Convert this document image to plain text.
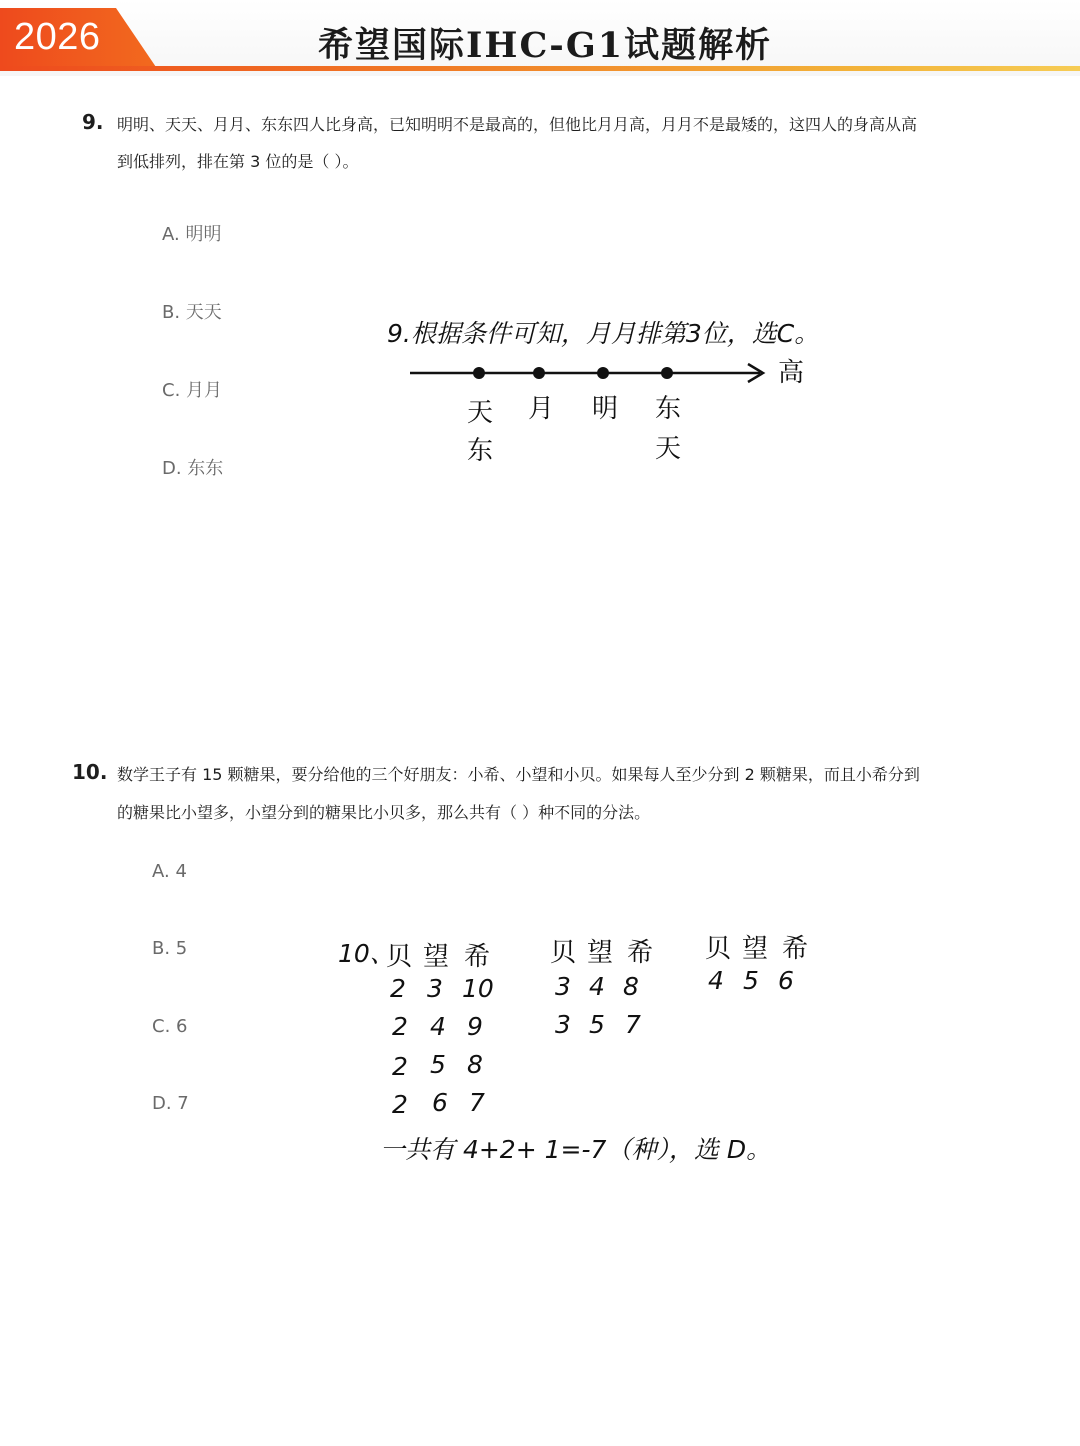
2026	希望国际IHC-G1试题解析
9. 明明、天天、月月、东东四人比身高，已知明明不是最高的，但他比月月高，月月不是最矮的，这四人的身高从高
到低排列，排在第 3 位的是（ ）。
A. 明明
B. 天天
C. 月月
D. 东东
9.根据条件可知，月月排第3位，选C。
高
天
东
月 明 东
天
10. 数学王子有 15 颗糖果，要分给他的三个好朋友：小希、小望和小贝。如果每人至少分到 2 颗糖果，而且小希分到
的糖果比小望多，小望分到的糖果比小贝多，那么共有（ ）种不同的分法。
A. 4
B. 5
C. 6
D. 7
10、
贝 望 希
2 3 10
2 4 9
2 5 8
2 6 7
贝 望 希
3 4 8
3 5 7
贝 望 希
4 5 6
一共有 4+2+ 1=-7（种），选 D。
